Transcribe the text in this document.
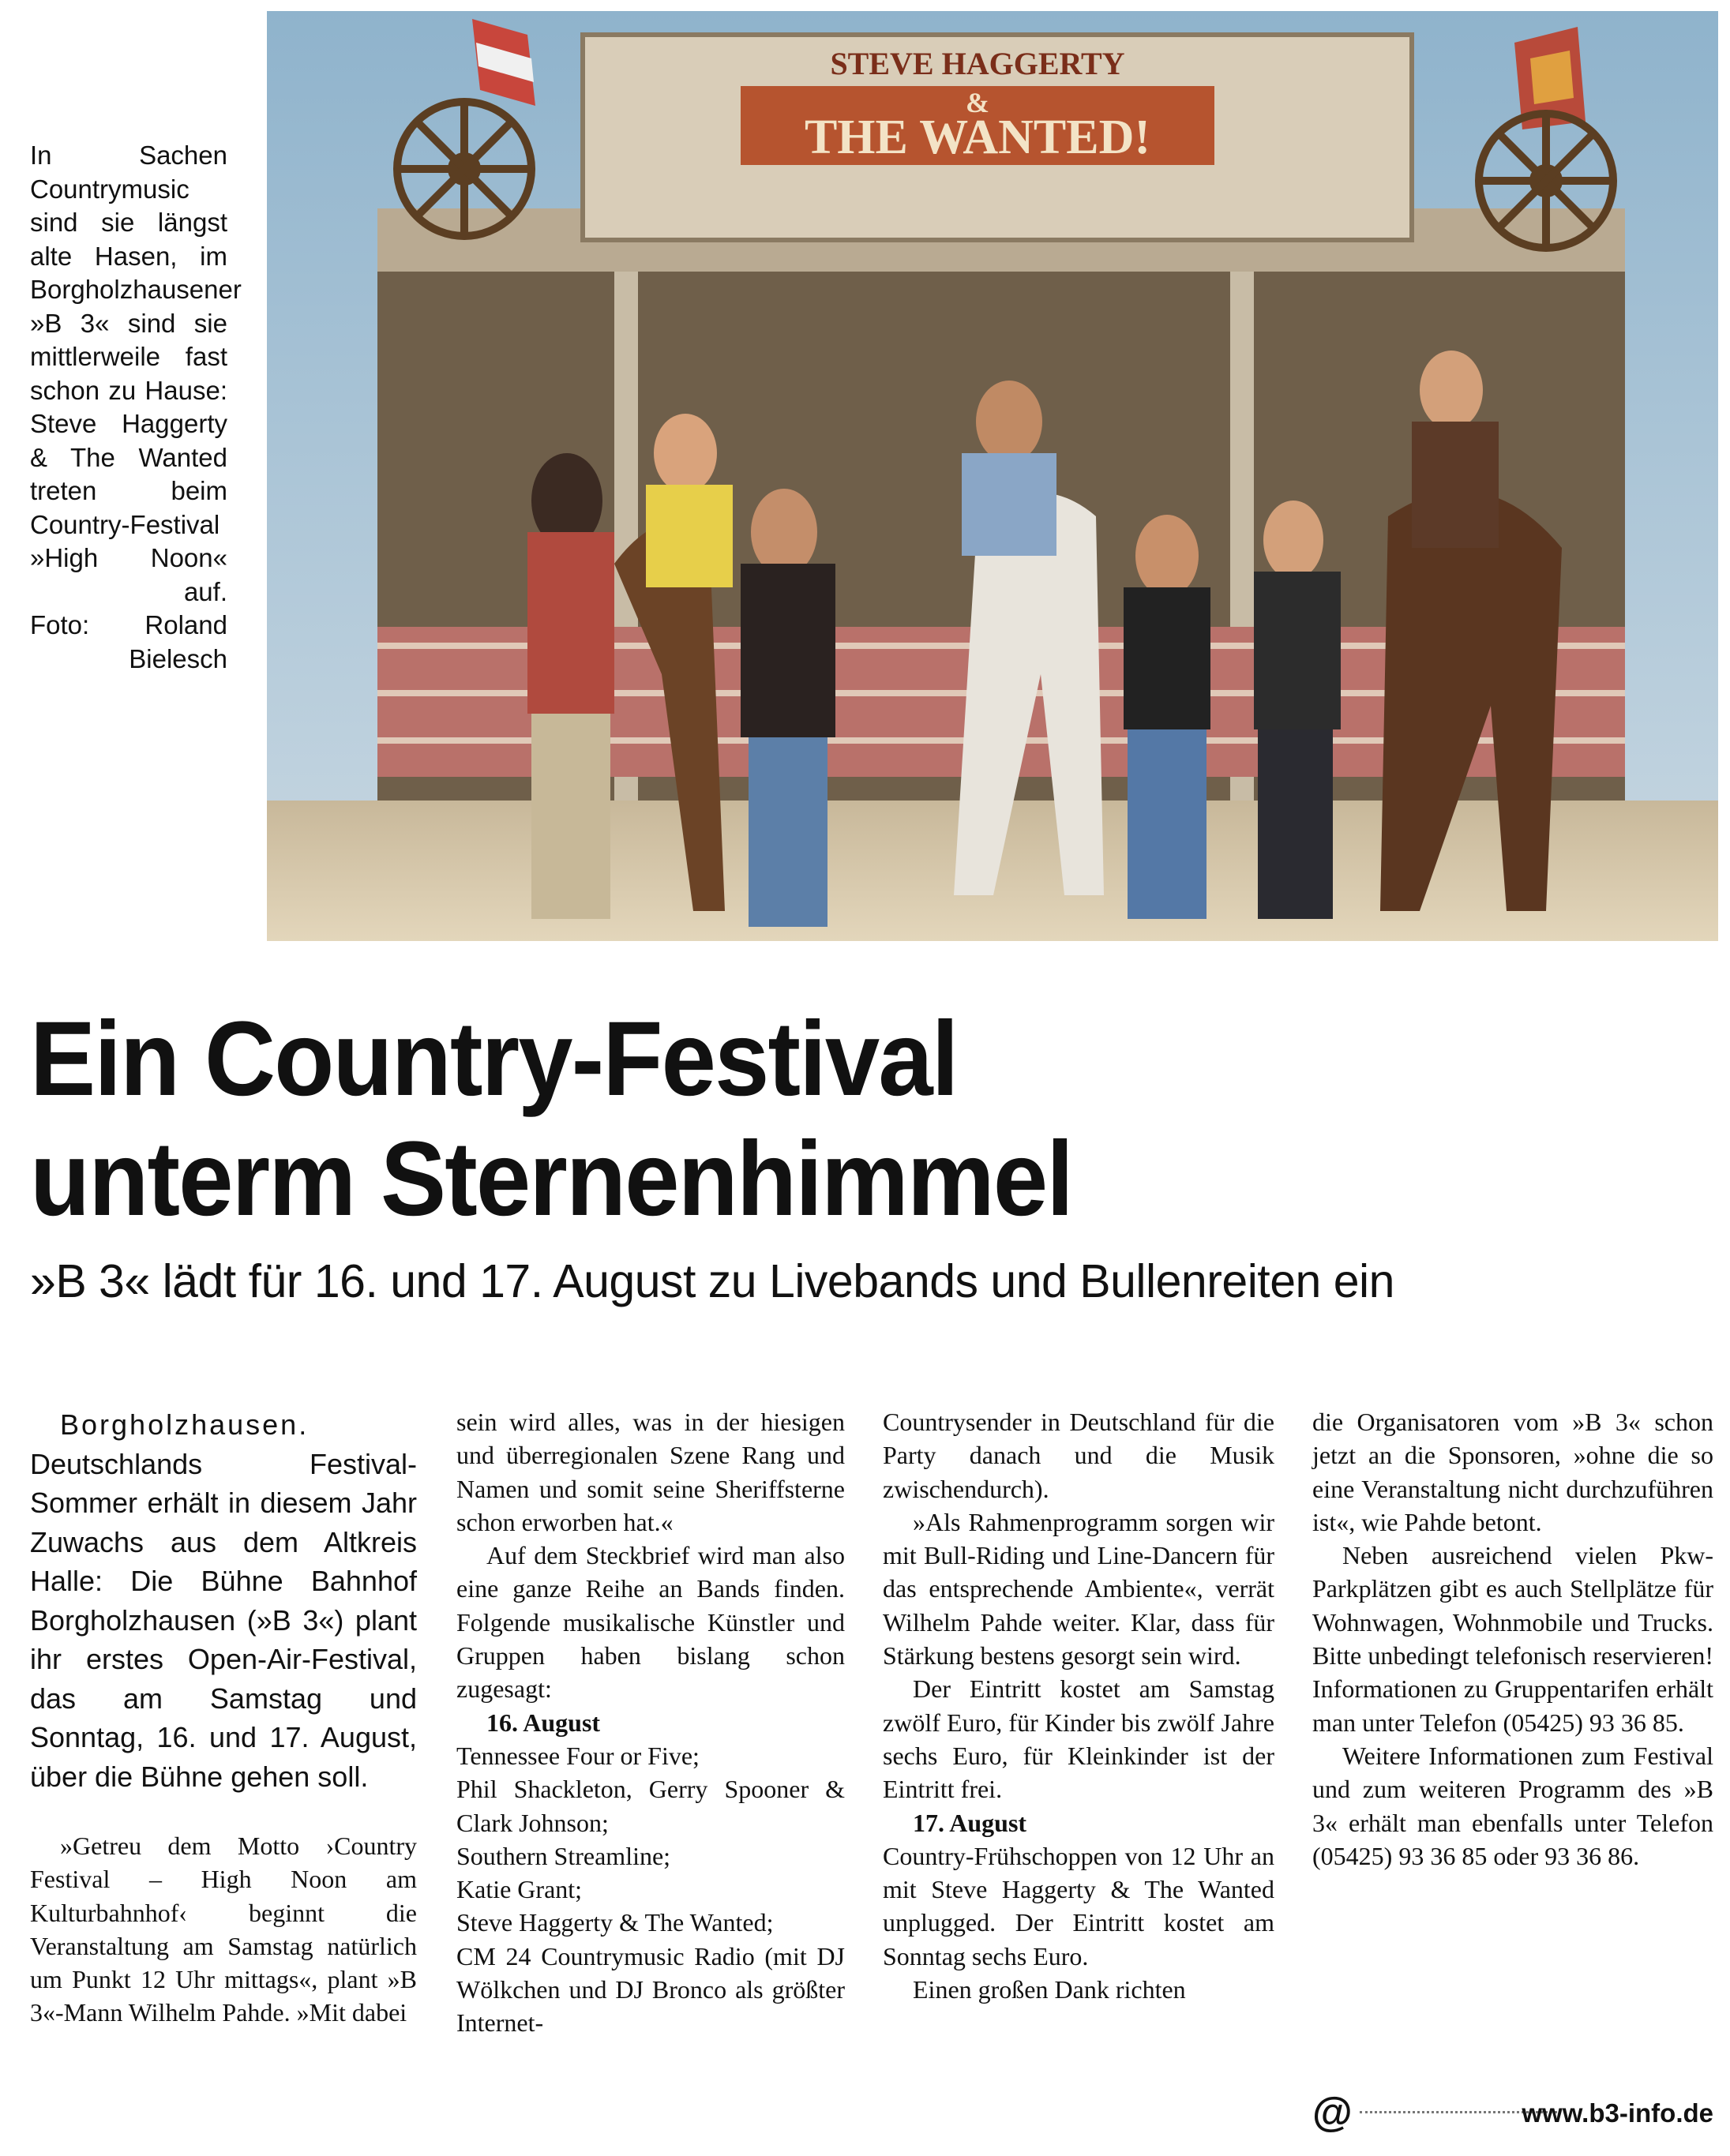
In Sachen Countrymusic sind sie längst alte Hasen, im Borgholzhausener »B 3« sind sie mittlerweile fast schon zu Hause: Steve Haggerty & The Wanted treten beim Country-Festival »High Noon« auf.

Foto: Roland Bielesch

STEVE HAGGERTY
&
THE WANTED!
Ein Country-Festival
unterm Sternenhimmel
»B 3« lädt für 16. und 17. August zu Livebands und Bullenreiten ein

Borgholzhausen.

Deutschlands Festival-Sommer erhält in diesem Jahr Zuwachs aus dem Altkreis Halle: Die Bühne Bahnhof Borgholzhausen (»B 3«) plant ihr erstes Open-Air-Festival, das am Samstag und Sonntag, 16. und 17. August, über die Bühne gehen soll.

»Getreu dem Motto ›Country Festival – High Noon am Kulturbahnhof‹ beginnt die Veranstaltung am Samstag natürlich um Punkt 12 Uhr mittags«, plant »B 3«-Mann Wilhelm Pahde. »Mit dabei

sein wird alles, was in der hiesigen und überregionalen Szene Rang und Namen und somit seine Sheriffsterne schon erworben hat.«

Auf dem Steckbrief wird man also eine ganze Reihe an Bands finden. Folgende musikalische Künstler und Gruppen haben bislang schon zugesagt:

16. August

Tennessee Four or Five;

Phil Shackleton, Gerry Spooner & Clark Johnson;

Southern Streamline;

Katie Grant;

Steve Haggerty & The Wanted;

CM 24 Countrymusic Radio (mit DJ Wölkchen und DJ Bronco als größter Internet-

Countrysender in Deutschland für die Party danach und die Musik zwischendurch).

»Als Rahmenprogramm sorgen wir mit Bull-Riding und Line-Dancern für das entsprechende Ambiente«, verrät Wilhelm Pahde weiter. Klar, dass für Stärkung bestens gesorgt sein wird.

Der Eintritt kostet am Samstag zwölf Euro, für Kinder bis zwölf Jahre sechs Euro, für Kleinkinder ist der Eintritt frei.

17. August

Country-Frühschoppen von 12 Uhr an mit Steve Haggerty & The Wanted unplugged. Der Eintritt kostet am Sonntag sechs Euro.

Einen großen Dank richten

die Organisatoren vom »B 3« schon jetzt an die Sponsoren, »ohne die so eine Veranstaltung nicht durchzuführen ist«, wie Pahde betont.

Neben ausreichend vielen Pkw-Parkplätzen gibt es auch Stellplätze für Wohnwagen, Wohnmobile und Trucks. Bitte unbedingt telefonisch reservieren! Informationen zu Gruppentarifen erhält man unter Telefon (05425) 93 36 85.

Weitere Informationen zum Festival und zum weiteren Programm des »B 3« erhält man ebenfalls unter Telefon (05425) 93 36 85 oder 93 36 86.

@	www.b3-info.de
